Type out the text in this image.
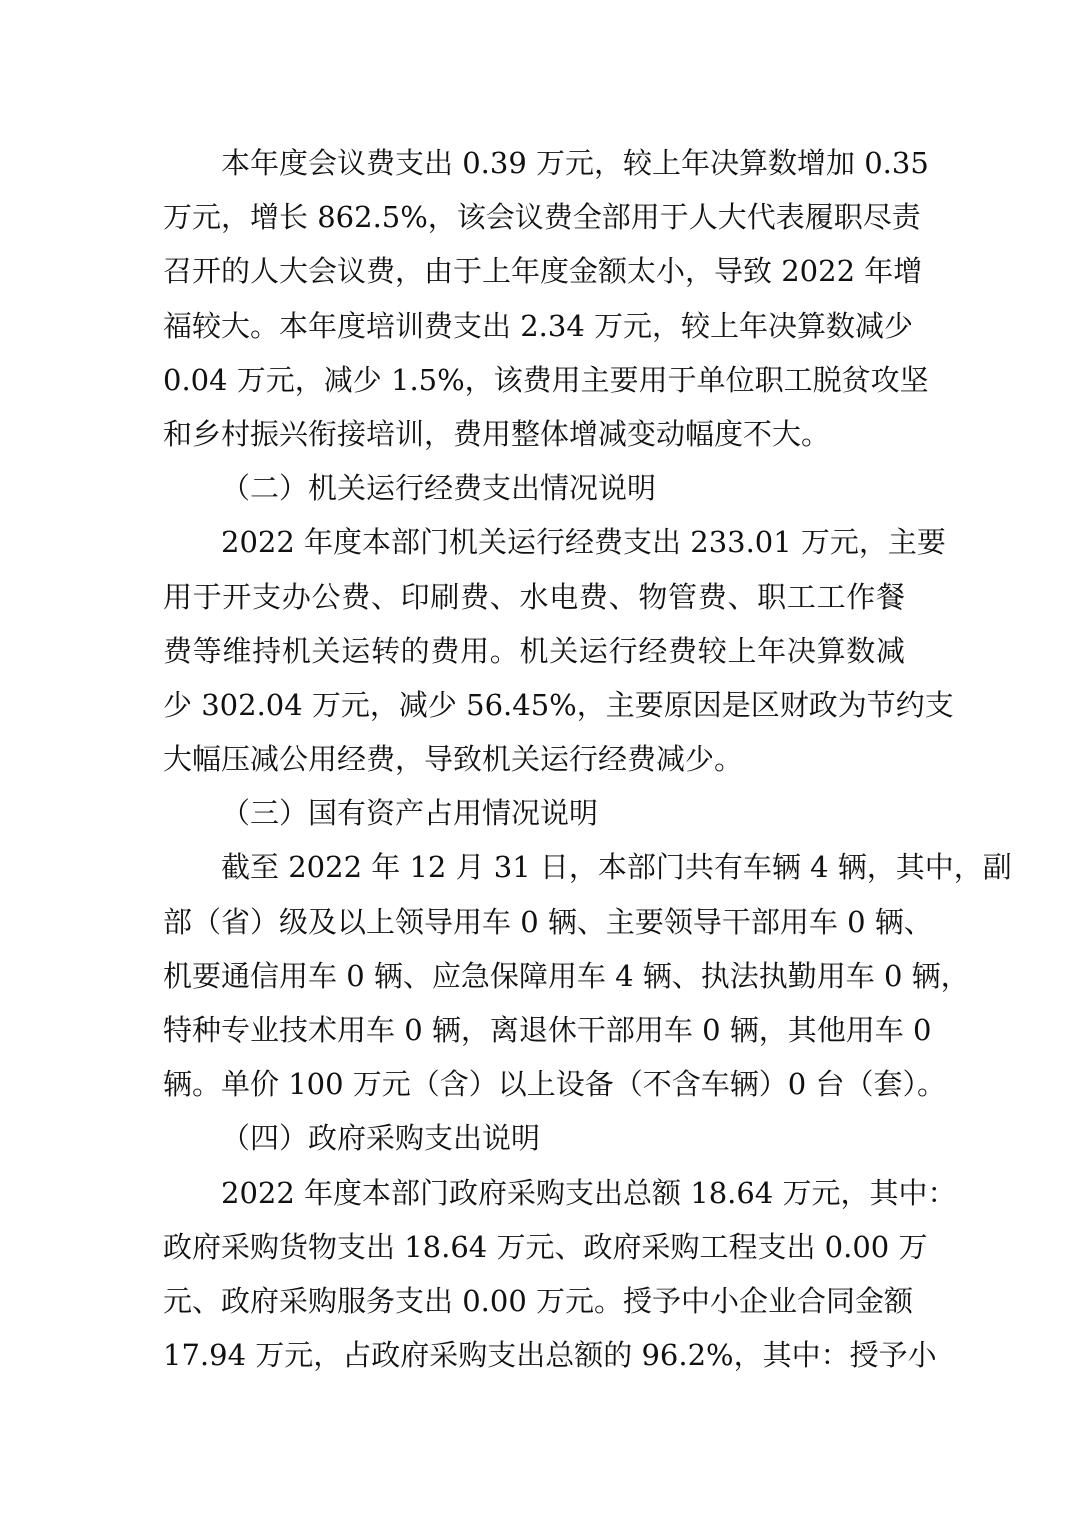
本年度会议费支出 0.39 万元，较上年决算数增加 0.35
万元，增长 862.5%，该会议费全部用于人大代表履职尽责
召开的人大会议费，由于上年度金额太小，导致 2022 年增
福较大。本年度培训费支出 2.34 万元，较上年决算数减少
0.04 万元，减少 1.5%，该费用主要用于单位职工脱贫攻坚
和乡村振兴衔接培训，费用整体增减变动幅度不大。
（二）机关运行经费支出情况说明
2022 年度本部门机关运行经费支出 233.01 万元，主要
用于开支办公费、印刷费、水电费、物管费、职工工作餐
费等维持机关运转的费用。机关运行经费较上年决算数减
少 302.04 万元，减少 56.45%，主要原因是区财政为节约支
大幅压减公用经费，导致机关运行经费减少。
（三）国有资产占用情况说明
截至 2022 年 12 月 31 日，本部门共有车辆 4 辆，其中，副
部（省）级及以上领导用车 0 辆、主要领导干部用车 0 辆、
机要通信用车 0 辆、应急保障用车 4 辆、执法执勤用车 0 辆，
特种专业技术用车 0 辆，离退休干部用车 0 辆，其他用车 0
辆。单价 100 万元（含）以上设备（不含车辆）0 台（套）。
（四）政府采购支出说明
2022 年度本部门政府采购支出总额 18.64 万元，其中：
政府采购货物支出 18.64 万元、政府采购工程支出 0.00 万
元、政府采购服务支出 0.00 万元。授予中小企业合同金额
17.94 万元，占政府采购支出总额的 96.2%，其中：授予小
